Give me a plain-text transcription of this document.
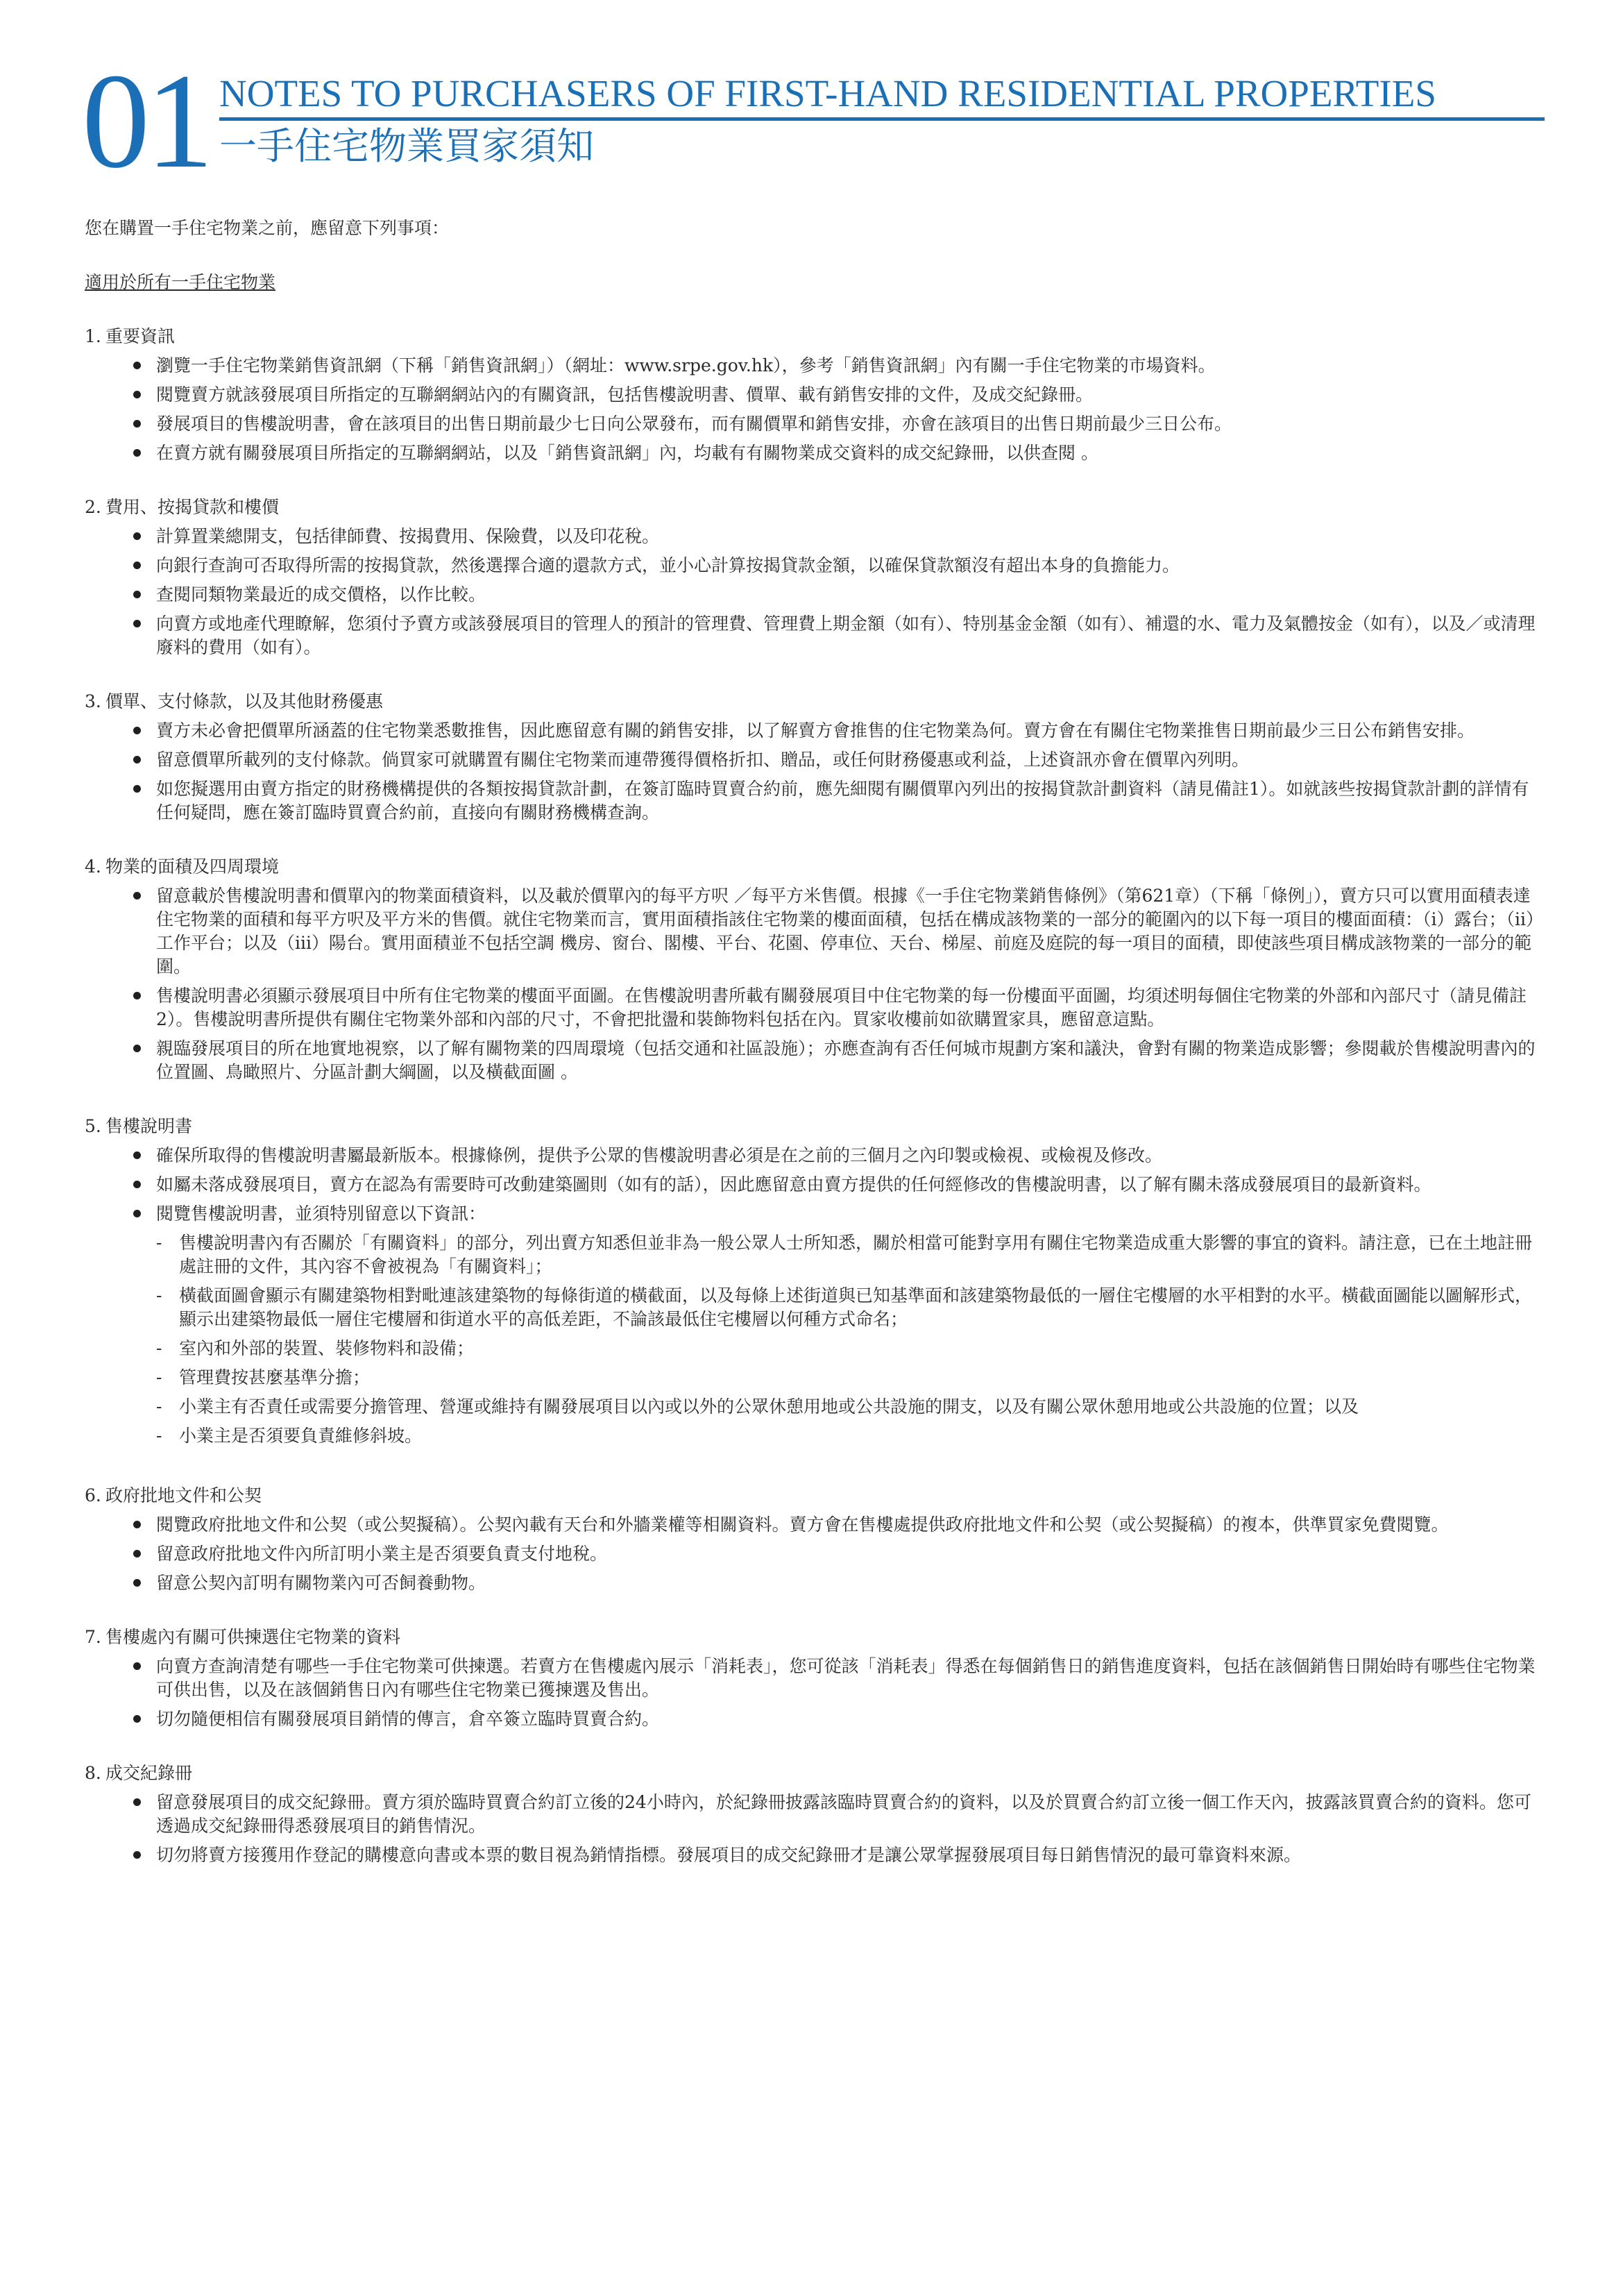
01 NOTES TO PURCHASERS OF FIRST-HAND RESIDENTIAL PROPERTIES
一手住宅物業買家須知

您在購置一手住宅物業之前，應留意下列事項：

適用於所有一手住宅物業

1. 重要資訊
瀏覽一手住宅物業銷售資訊網（下稱「銷售資訊網」）（網址：www.srpe.gov.hk），參考「銷售資訊網」內有關一手住宅物業的市場資料。
閱覽賣方就該發展項目所指定的互聯網網站內的有關資訊，包括售樓說明書、價單、載有銷售安排的文件，及成交紀錄冊。
發展項目的售樓說明書，會在該項目的出售日期前最少七日向公眾發布，而有關價單和銷售安排，亦會在該項目的出售日期前最少三日公布。
在賣方就有關發展項目所指定的互聯網網站，以及「銷售資訊網」內，均載有有關物業成交資料的成交紀錄冊，以供查閱 。
2. 費用、按揭貸款和樓價
計算置業總開支，包括律師費、按揭費用、保險費，以及印花稅。
向銀行查詢可否取得所需的按揭貸款，然後選擇合適的還款方式，並小心計算按揭貸款金額，以確保貸款額沒有超出本身的負擔能力。
查閱同類物業最近的成交價格，以作比較。
向賣方或地產代理瞭解，您須付予賣方或該發展項目的管理人的預計的管理費、管理費上期金額（如有）、特別基金金額（如有）、補還的水、電力及氣體按金（如有），以及／或清理廢料的費用（如有）。
3. 價單、支付條款，以及其他財務優惠
賣方未必會把價單所涵蓋的住宅物業悉數推售，因此應留意有關的銷售安排，以了解賣方會推售的住宅物業為何。賣方會在有關住宅物業推售日期前最少三日公布銷售安排。
留意價單所載列的支付條款。倘買家可就購置有關住宅物業而連帶獲得價格折扣、贈品，或任何財務優惠或利益，上述資訊亦會在價單內列明。
如您擬選用由賣方指定的財務機構提供的各類按揭貸款計劃，在簽訂臨時買賣合約前，應先細閱有關價單內列出的按揭貸款計劃資料（請見備註1）。如就該些按揭貸款計劃的詳情有任何疑問，應在簽訂臨時買賣合約前，直接向有關財務機構查詢。
4. 物業的面積及四周環境
留意載於售樓說明書和價單內的物業面積資料，以及載於價單內的每平方呎 ／每平方米售價。根據《一手住宅物業銷售條例》（第621章）（下稱「條例」），賣方只可以實用面積表達住宅物業的面積和每平方呎及平方米的售價。就住宅物業而言，實用面積指該住宅物業的樓面面積，包括在構成該物業的一部分的範圍內的以下每一項目的樓面面積：（i）露台；（ii）工作平台；以及（iii）陽台。實用面積並不包括空調 機房、窗台、閣樓、平台、花園、停車位、天台、梯屋、前庭及庭院的每一項目的面積，即使該些項目構成該物業的一部分的範圍。
售樓說明書必須顯示發展項目中所有住宅物業的樓面平面圖。在售樓說明書所載有關發展項目中住宅物業的每一份樓面平面圖，均須述明每個住宅物業的外部和內部尺寸（請見備註2）。售樓說明書所提供有關住宅物業外部和內部的尺寸，不會把批盪和裝飾物料包括在內。買家收樓前如欲購置家具，應留意這點。
親臨發展項目的所在地實地視察，以了解有關物業的四周環境（包括交通和社區設施）；亦應查詢有否任何城市規劃方案和議決，會對有關的物業造成影響；參閱載於售樓說明書內的位置圖、鳥瞰照片、分區計劃大綱圖，以及橫截面圖 。
5. 售樓說明書
確保所取得的售樓說明書屬最新版本。根據條例，提供予公眾的售樓說明書必須是在之前的三個月之內印製或檢視、或檢視及修改。
如屬未落成發展項目，賣方在認為有需要時可改動建築圖則（如有的話），因此應留意由賣方提供的任何經修改的售樓說明書，以了解有關未落成發展項目的最新資料。
閱覽售樓說明書，並須特別留意以下資訊：
- 售樓說明書內有否關於「有關資料」的部分，列出賣方知悉但並非為一般公眾人士所知悉，關於相當可能對享用有關住宅物業造成重大影響的事宜的資料。請注意，已在土地註冊處註冊的文件，其內容不會被視為「有關資料」；
- 橫截面圖會顯示有關建築物相對毗連該建築物的每條街道的橫截面，以及每條上述街道與已知基準面和該建築物最低的一層住宅樓層的水平相對的水平。橫截面圖能以圖解形式，顯示出建築物最低一層住宅樓層和街道水平的高低差距，不論該最低住宅樓層以何種方式命名；
- 室內和外部的裝置、裝修物料和設備；
- 管理費按甚麼基準分擔；
- 小業主有否責任或需要分擔管理、營運或維持有關發展項目以內或以外的公眾休憩用地或公共設施的開支，以及有關公眾休憩用地或公共設施的位置；以及
- 小業主是否須要負責維修斜坡。
6. 政府批地文件和公契
閱覽政府批地文件和公契（或公契擬稿）。公契內載有天台和外牆業權等相關資料。賣方會在售樓處提供政府批地文件和公契（或公契擬稿）的複本，供準買家免費閱覽。
留意政府批地文件內所訂明小業主是否須要負責支付地稅。
留意公契內訂明有關物業內可否飼養動物。
7. 售樓處內有關可供揀選住宅物業的資料
向賣方查詢清楚有哪些一手住宅物業可供揀選。若賣方在售樓處內展示「消耗表」，您可從該「消耗表」得悉在每個銷售日的銷售進度資料，包括在該個銷售日開始時有哪些住宅物業可供出售，以及在該個銷售日內有哪些住宅物業已獲揀選及售出。
切勿隨便相信有關發展項目銷情的傳言，倉卒簽立臨時買賣合約。
8. 成交紀錄冊
留意發展項目的成交紀錄冊。賣方須於臨時買賣合約訂立後的24小時內，於紀錄冊披露該臨時買賣合約的資料，以及於買賣合約訂立後一個工作天內，披露該買賣合約的資料。您可透過成交紀錄冊得悉發展項目的銷售情況。
切勿將賣方接獲用作登記的購樓意向書或本票的數目視為銷情指標。發展項目的成交紀錄冊才是讓公眾掌握發展項目每日銷售情況的最可靠資料來源。
